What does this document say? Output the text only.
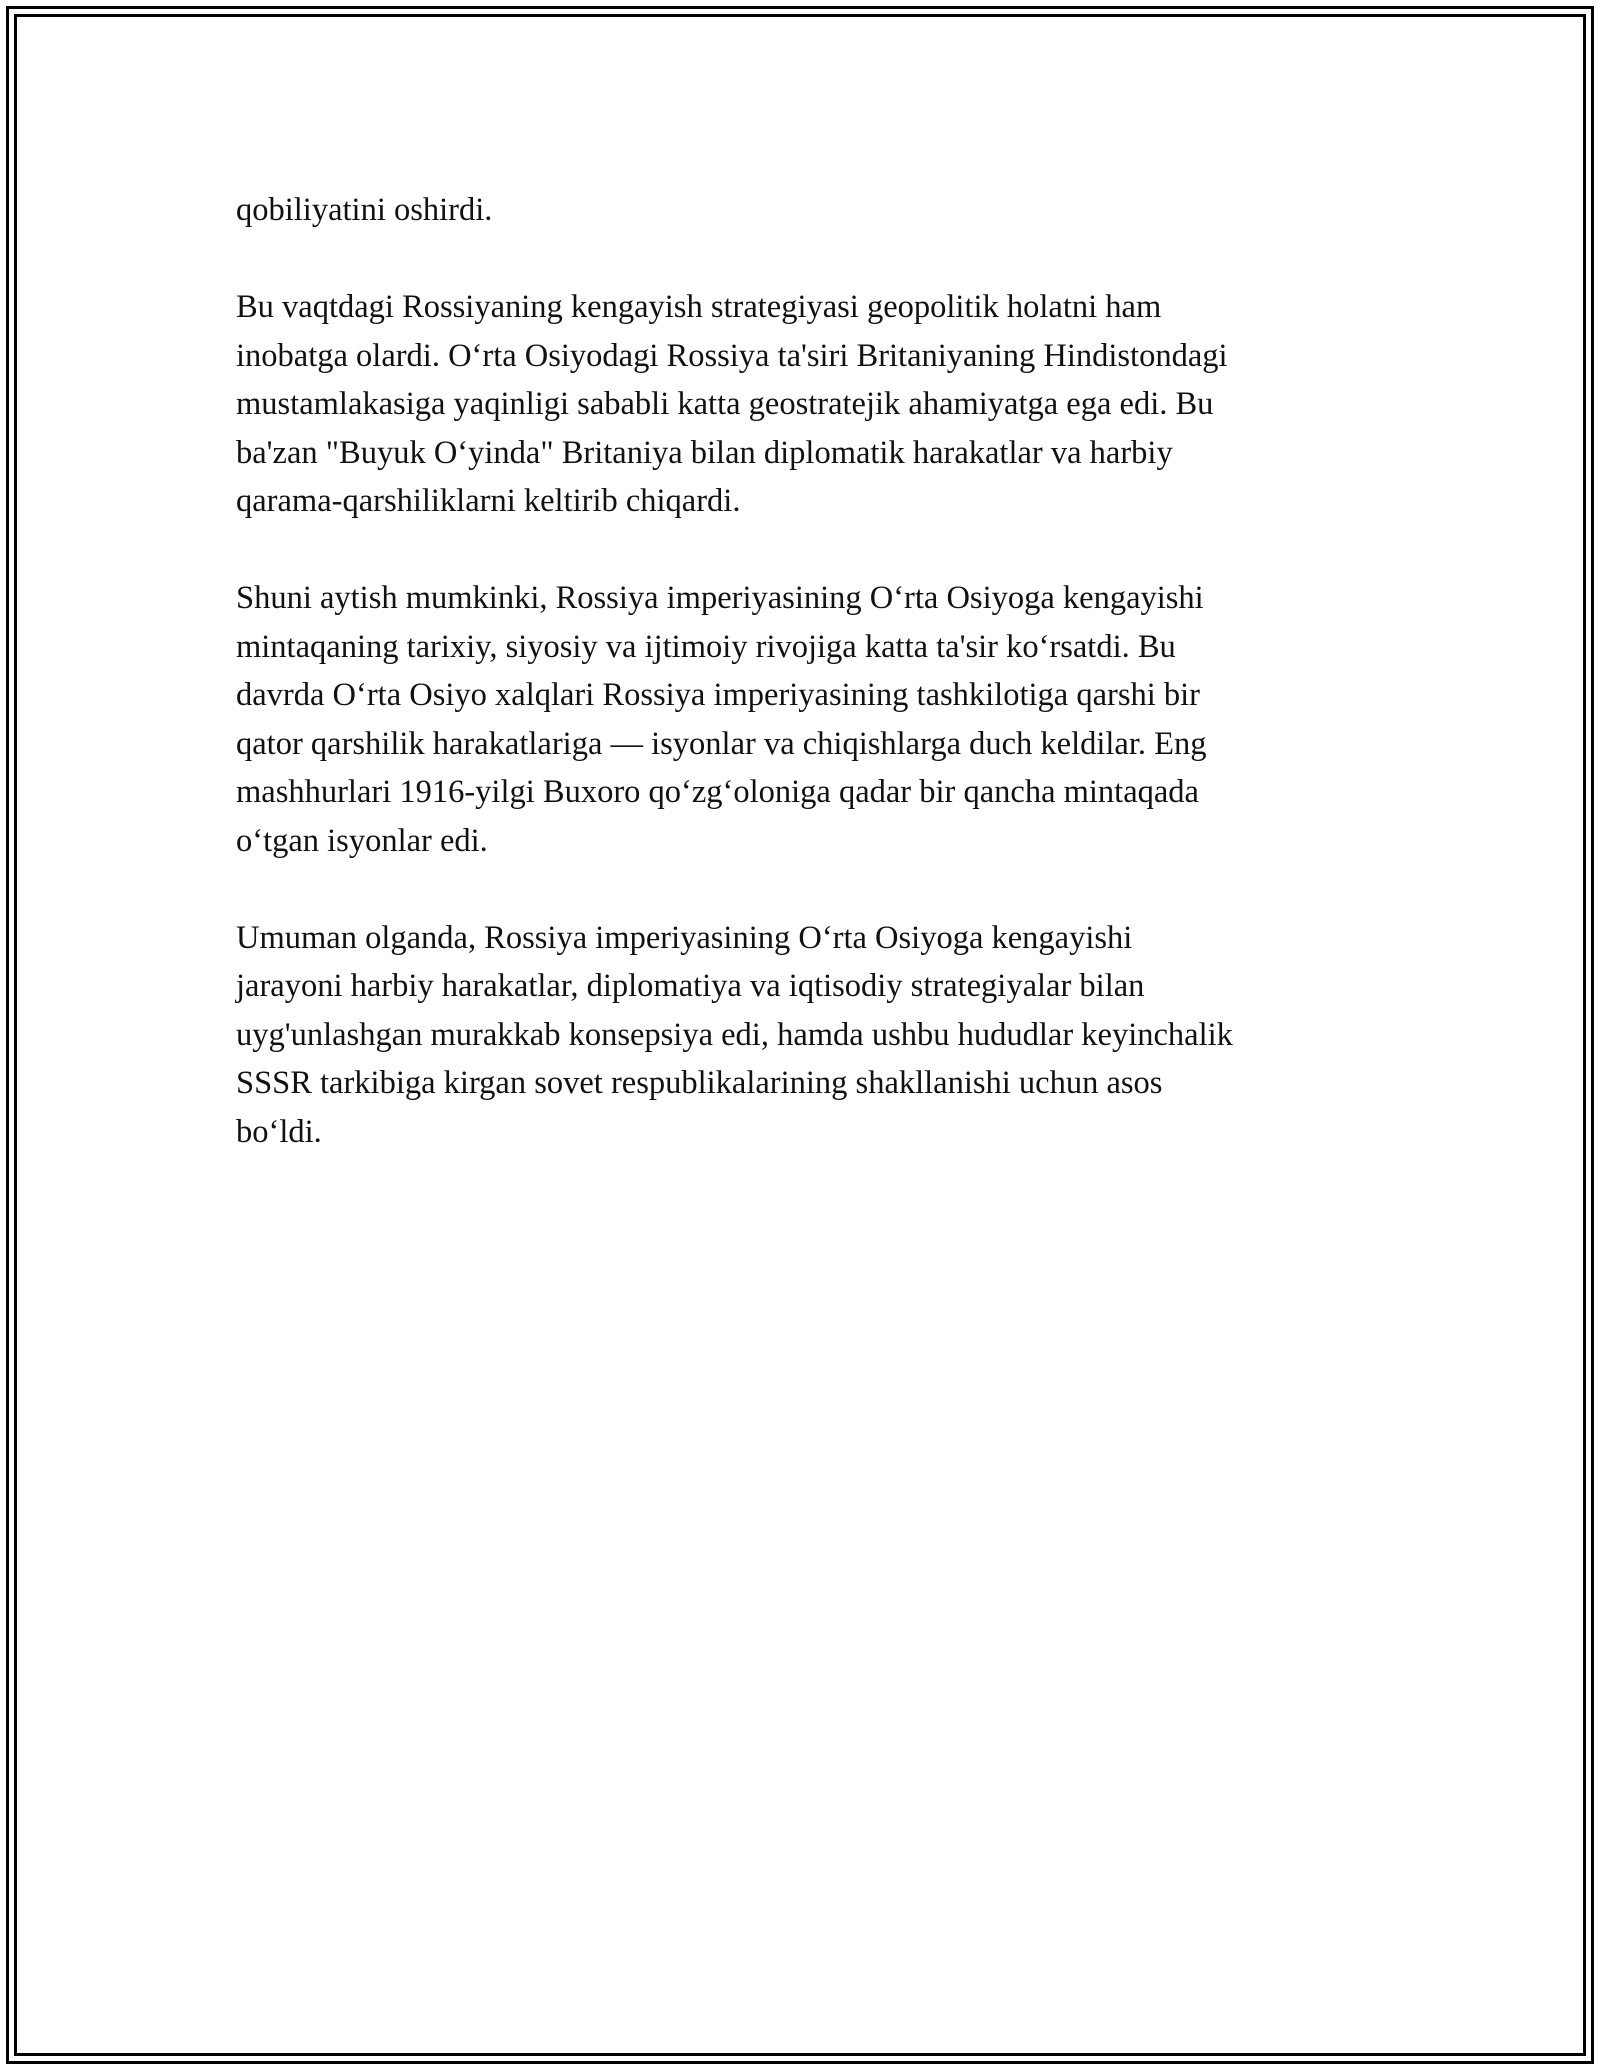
qobiliyatini oshirdi.

Bu vaqtdagi Rossiyaning kengayish strategiyasi geopolitik holatni ham
inobatga olardi. O‘rta Osiyodagi Rossiya ta'siri Britaniyaning Hindistondagi
mustamlakasiga yaqinligi sababli katta geostratejik ahamiyatga ega edi. Bu
ba'zan "Buyuk O‘yinda" Britaniya bilan diplomatik harakatlar va harbiy
qarama-qarshiliklarni keltirib chiqardi.

Shuni aytish mumkinki, Rossiya imperiyasining O‘rta Osiyoga kengayishi
mintaqaning tarixiy, siyosiy va ijtimoiy rivojiga katta ta'sir ko‘rsatdi. Bu
davrda O‘rta Osiyo xalqlari Rossiya imperiyasining tashkilotiga qarshi bir
qator qarshilik harakatlariga — isyonlar va chiqishlarga duch keldilar. Eng
mashhurlari 1916-yilgi Buxoro qo‘zg‘oloniga qadar bir qancha mintaqada
o‘tgan isyonlar edi.

Umuman olganda, Rossiya imperiyasining O‘rta Osiyoga kengayishi
jarayoni harbiy harakatlar, diplomatiya va iqtisodiy strategiyalar bilan
uyg'unlashgan murakkab konsepsiya edi, hamda ushbu hududlar keyinchalik
SSSR tarkibiga kirgan sovet respublikalarining shakllanishi uchun asos
bo‘ldi.
